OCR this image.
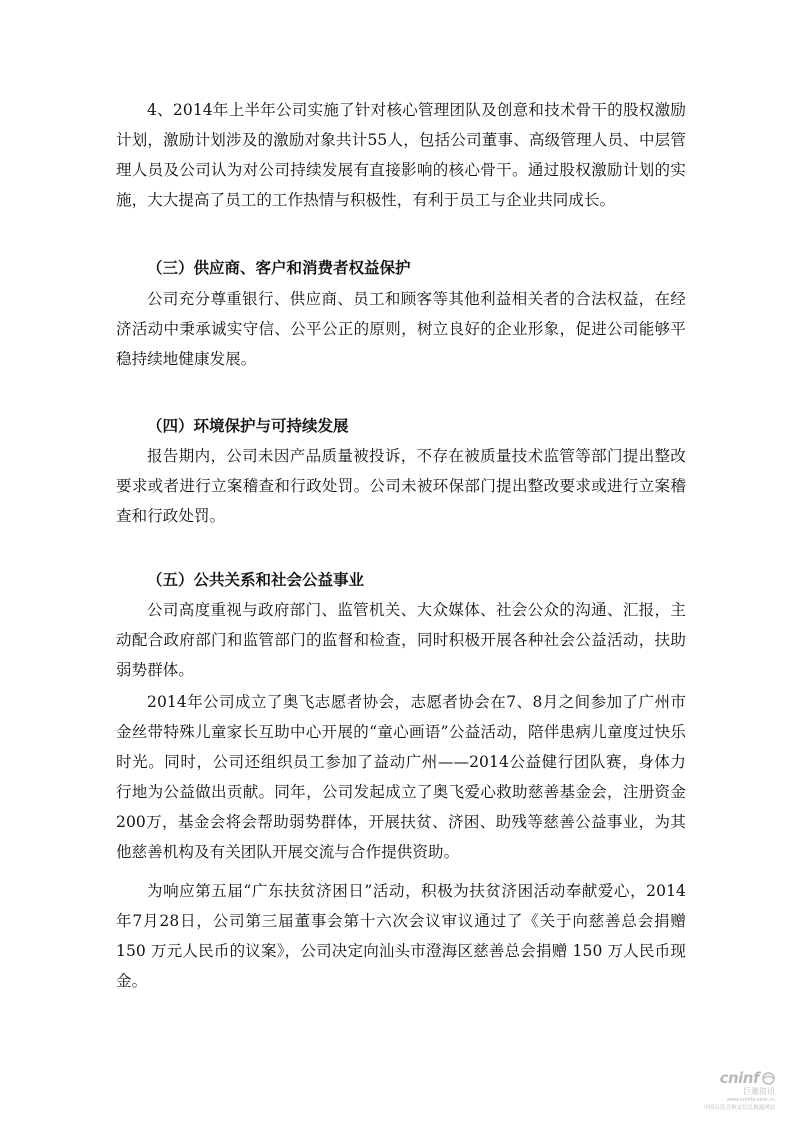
4、2014年上半年公司实施了针对核心管理团队及创意和技术骨干的股权激励计划，激励计划涉及的激励对象共计55人，包括公司董事、高级管理人员、中层管理人员及公司认为对公司持续发展有直接影响的核心骨干。通过股权激励计划的实施，大大提高了员工的工作热情与积极性，有利于员工与企业共同成长。

（三）供应商、客户和消费者权益保护

公司充分尊重银行、供应商、员工和顾客等其他利益相关者的合法权益，在经济活动中秉承诚实守信、公平公正的原则，树立良好的企业形象，促进公司能够平稳持续地健康发展。

（四）环境保护与可持续发展

报告期内，公司未因产品质量被投诉，不存在被质量技术监管等部门提出整改要求或者进行立案稽查和行政处罚。公司未被环保部门提出整改要求或进行立案稽查和行政处罚。

（五）公共关系和社会公益事业

公司高度重视与政府部门、监管机关、大众媒体、社会公众的沟通、汇报，主动配合政府部门和监管部门的监督和检查，同时积极开展各种社会公益活动，扶助弱势群体。

2014年公司成立了奥飞志愿者协会，志愿者协会在7、8月之间参加了广州市金丝带特殊儿童家长互助中心开展的“童心画语”公益活动，陪伴患病儿童度过快乐时光。同时，公司还组织员工参加了益动广州——2014公益健行团队赛，身体力行地为公益做出贡献。同年，公司发起成立了奥飞爱心救助慈善基金会，注册资金200万，基金会将会帮助弱势群体，开展扶贫、济困、助残等慈善公益事业，为其他慈善机构及有关团队开展交流与合作提供资助。

为响应第五届“广东扶贫济困日”活动，积极为扶贫济困活动奉献爱心，2014年7月28日，公司第三届董事会第十六次会议审议通过了《关于向慈善总会捐赠150 万元人民币的议案》，公司决定向汕头市澄海区慈善总会捐赠 150 万人民币现金。

cninf
巨潮资讯
www.cninfo.com.cn
中国证监会指定信息披露网站
